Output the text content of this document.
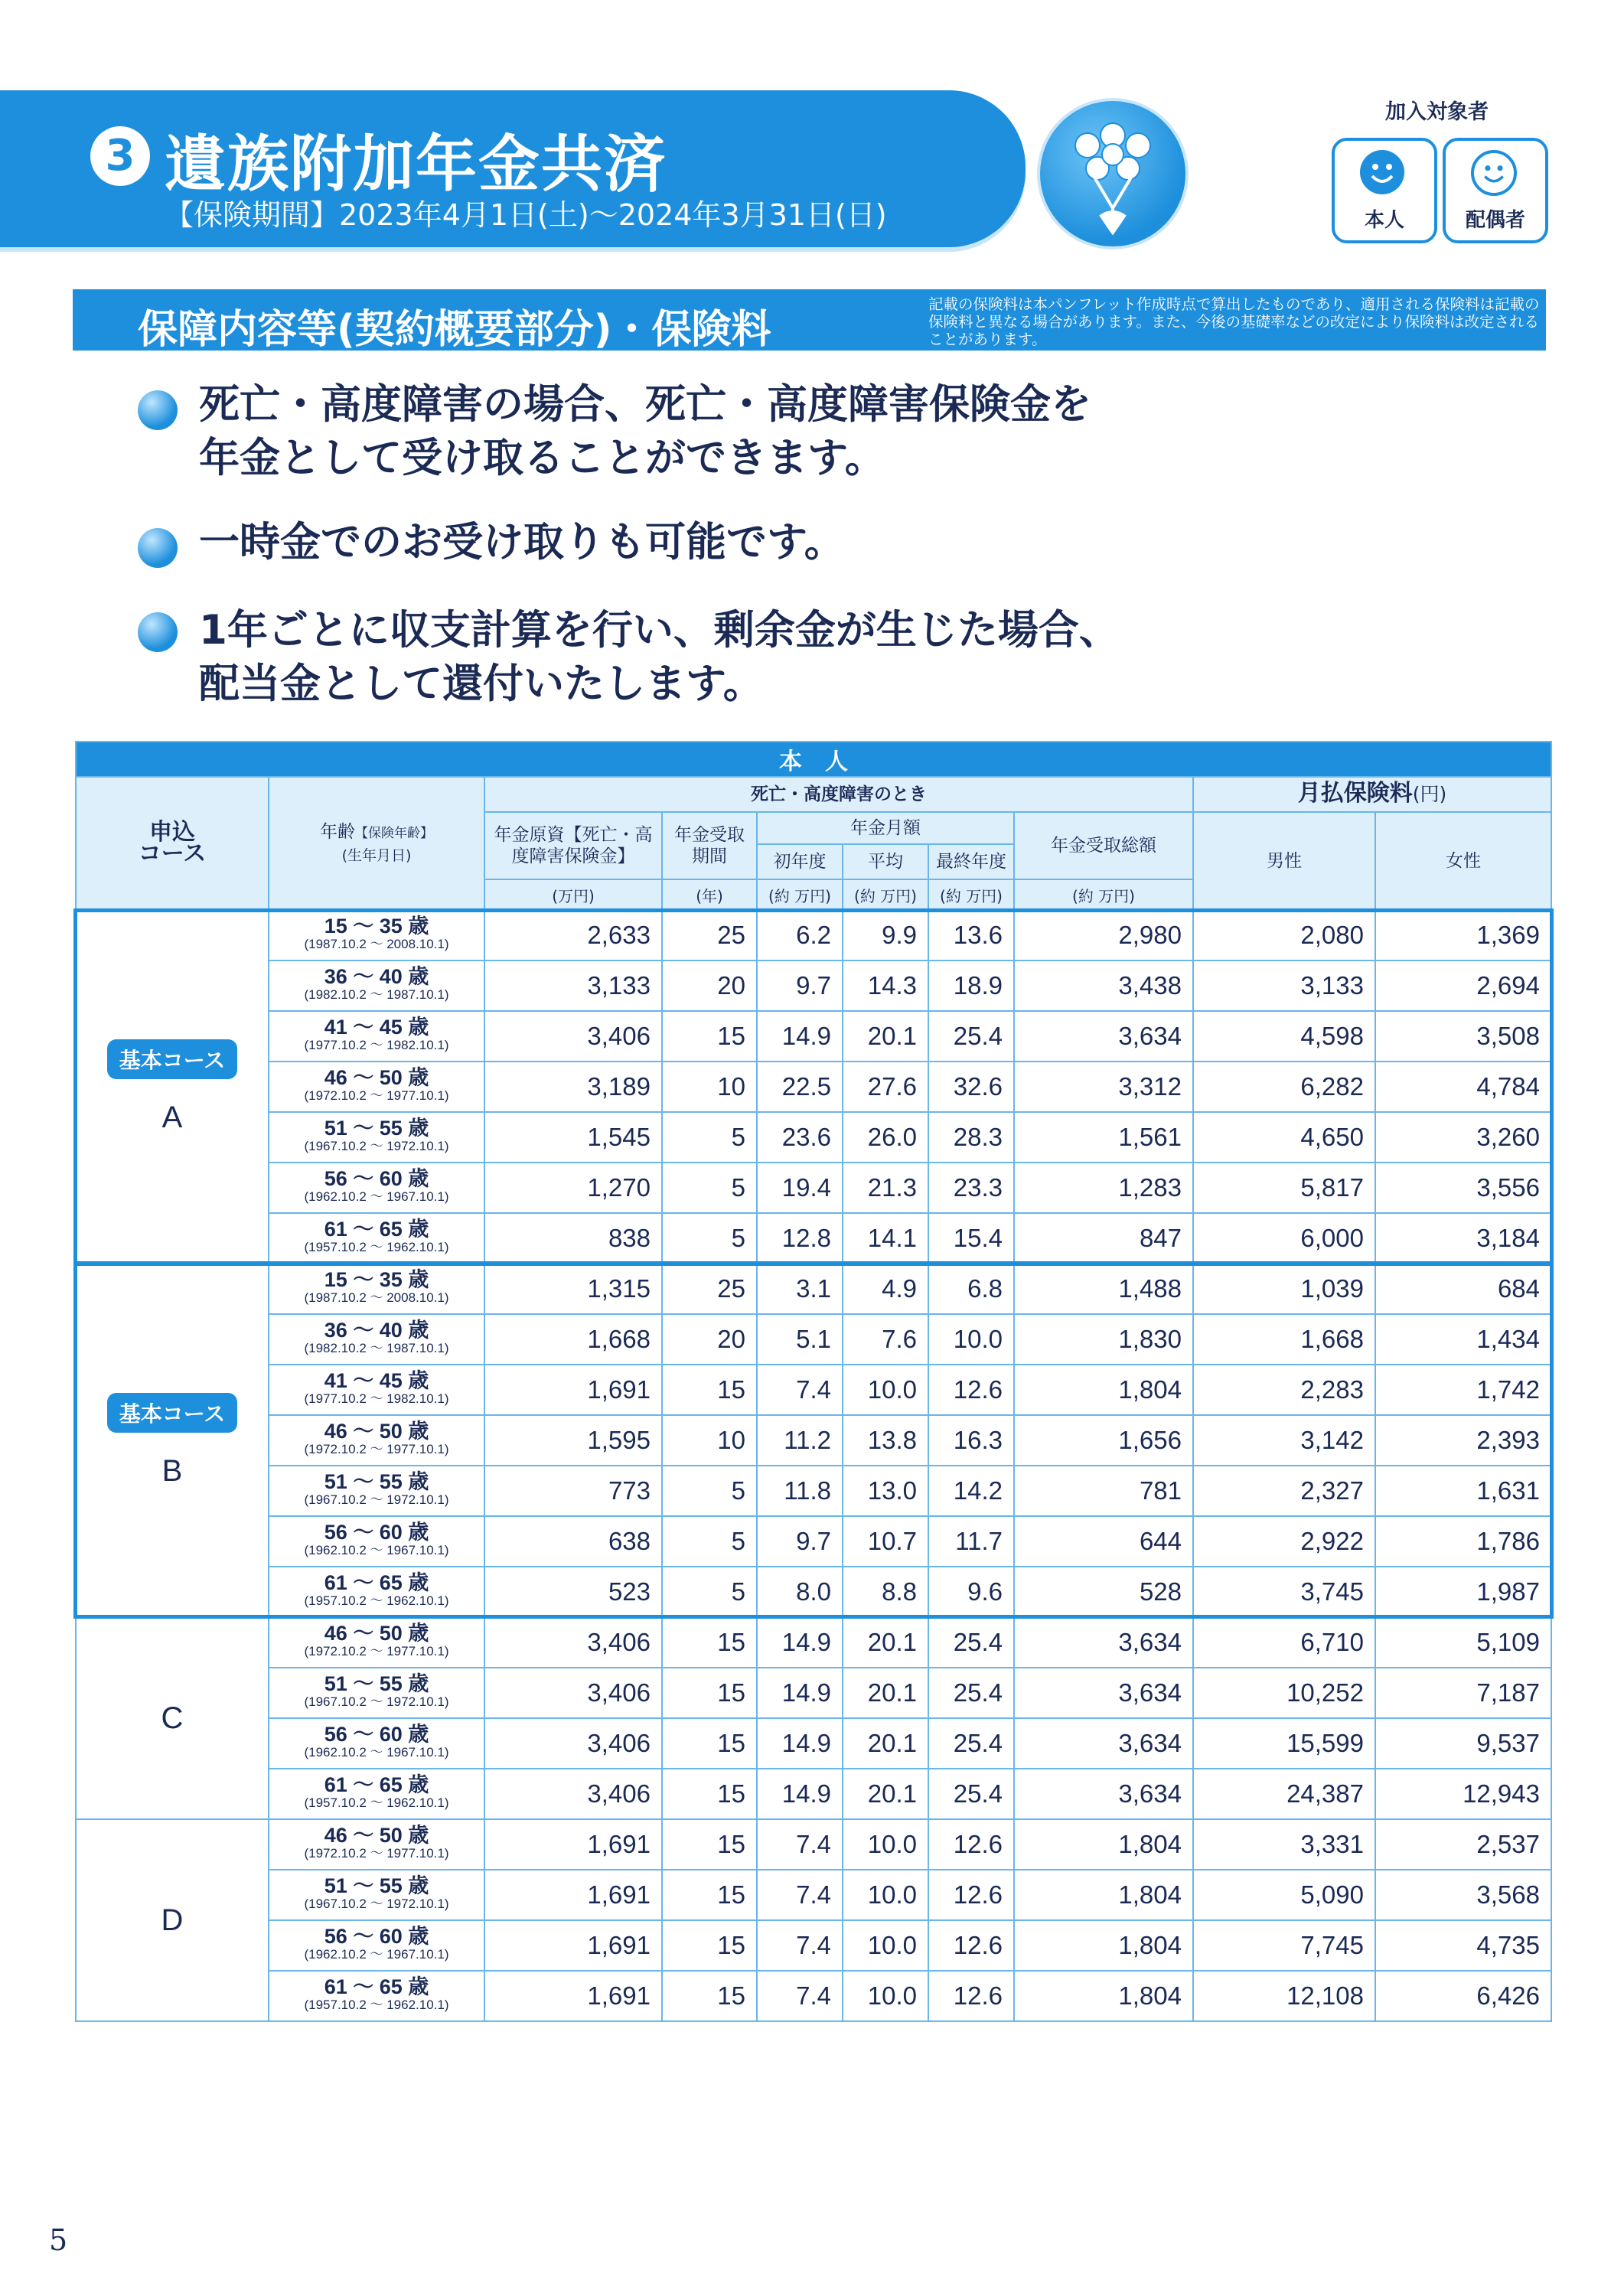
3 遺族附加年金共済
【保険期間】2023年4月1日(土)～2024年3月31日(日)
加入対象者
本人	配偶者
保障内容等(契約概要部分)・保険料
記載の保険料は本パンフレット作成時点で算出したものであり、適用される保険料は記載の保険料と異なる場合があります。また、今後の基礎率などの改定により保険料は改定されることがあります。
死亡・高度障害の場合、死亡・高度障害保険金を
年金として受け取ることができます。
一時金でのお受け取りも可能です。
1年ごとに収支計算を行い、剰余金が生じた場合、
配当金として還付いたします。
本　人									
申込
コース	年齢【保険年齢】
(生年月日)	死亡・高度障害のとき						月払保険料(円)	
		年金原資【死亡・高度障害保険金】	年金受取期間	年金月額			年金受取総額	男性	女性
				初年度	平均	最終年度			
		(万円)	(年)	(約 万円)	(約 万円)	(約 万円)	(約 万円)		
基本コース
A	15 ～ 35 歳
(1987.10.2 ～ 2008.10.1)	2,633	25	6.2	9.9	13.6	2,980	2,080	1,369

	36 ～ 40 歳
(1982.10.2 ～ 1987.10.1)	3,133	20	9.7	14.3	18.9	3,438	3,133	2,694

	41 ～ 45 歳
(1977.10.2 ～ 1982.10.1)	3,406	15	14.9	20.1	25.4	3,634	4,598	3,508

	46 ～ 50 歳
(1972.10.2 ～ 1977.10.1)	3,189	10	22.5	27.6	32.6	3,312	6,282	4,784

	51 ～ 55 歳
(1967.10.2 ～ 1972.10.1)	1,545	5	23.6	26.0	28.3	1,561	4,650	3,260

	56 ～ 60 歳
(1962.10.2 ～ 1967.10.1)	1,270	5	19.4	21.3	23.3	1,283	5,817	3,556

	61 ～ 65 歳
(1957.10.2 ～ 1962.10.1)	838	5	12.8	14.1	15.4	847	6,000	3,184
基本コース
B	15 ～ 35 歳
(1987.10.2 ～ 2008.10.1)	1,315	25	3.1	4.9	6.8	1,488	1,039	684

	36 ～ 40 歳
(1982.10.2 ～ 1987.10.1)	1,668	20	5.1	7.6	10.0	1,830	1,668	1,434

	41 ～ 45 歳
(1977.10.2 ～ 1982.10.1)	1,691	15	7.4	10.0	12.6	1,804	2,283	1,742

	46 ～ 50 歳
(1972.10.2 ～ 1977.10.1)	1,595	10	11.2	13.8	16.3	1,656	3,142	2,393

	51 ～ 55 歳
(1967.10.2 ～ 1972.10.1)	773	5	11.8	13.0	14.2	781	2,327	1,631

	56 ～ 60 歳
(1962.10.2 ～ 1967.10.1)	638	5	9.7	10.7	11.7	644	2,922	1,786

	61 ～ 65 歳
(1957.10.2 ～ 1962.10.1)	523	5	8.0	8.8	9.6	528	3,745	1,987

C	46 ～ 50 歳
(1972.10.2 ～ 1977.10.1)	3,406	15	14.9	20.1	25.4	3,634	6,710	5,109

	51 ～ 55 歳
(1967.10.2 ～ 1972.10.1)	3,406	15	14.9	20.1	25.4	3,634	10,252	7,187

	56 ～ 60 歳
(1962.10.2 ～ 1967.10.1)	3,406	15	14.9	20.1	25.4	3,634	15,599	9,537

	61 ～ 65 歳
(1957.10.2 ～ 1962.10.1)	3,406	15	14.9	20.1	25.4	3,634	24,387	12,943

D	46 ～ 50 歳
(1972.10.2 ～ 1977.10.1)	1,691	15	7.4	10.0	12.6	1,804	3,331	2,537

	51 ～ 55 歳
(1967.10.2 ～ 1972.10.1)	1,691	15	7.4	10.0	12.6	1,804	5,090	3,568

	56 ～ 60 歳
(1962.10.2 ～ 1967.10.1)	1,691	15	7.4	10.0	12.6	1,804	7,745	4,735

	61 ～ 65 歳
(1957.10.2 ～ 1962.10.1)	1,691	15	7.4	10.0	12.6	1,804	12,108	6,426
5
